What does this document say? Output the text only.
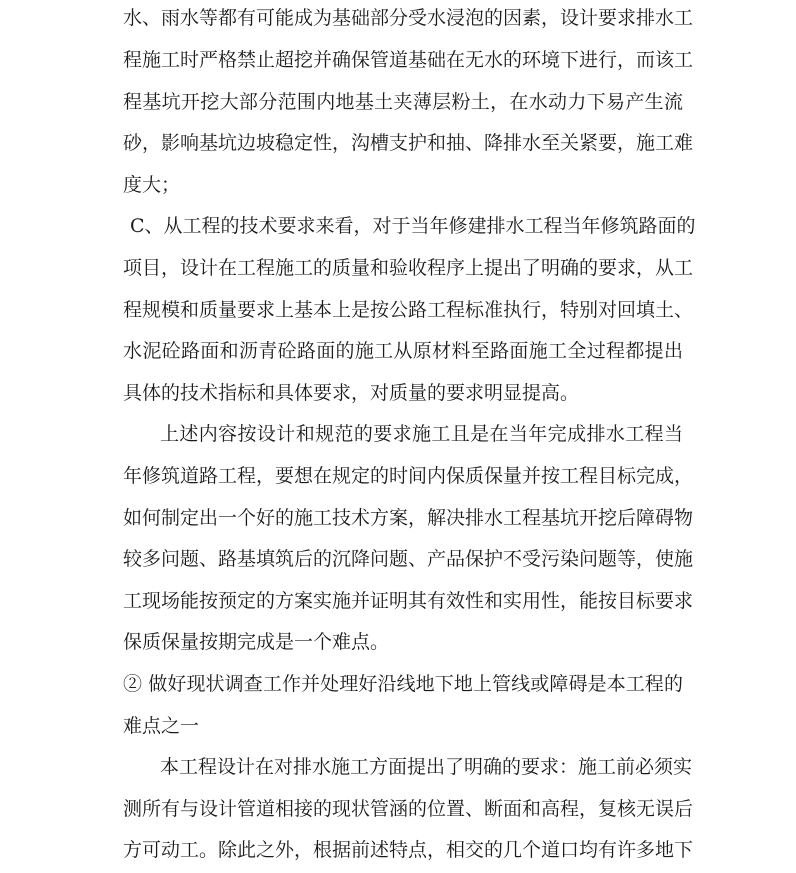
水、雨水等都有可能成为基础部分受水浸泡的因素，设计要求排水工
程施工时严格禁止超挖并确保管道基础在无水的环境下进行，而该工
程基坑开挖大部分范围内地基土夹薄层粉土，在水动力下易产生流
砂，影响基坑边坡稳定性，沟槽支护和抽、降排水至关紧要，施工难
度大；
C、从工程的技术要求来看，对于当年修建排水工程当年修筑路面的
项目，设计在工程施工的质量和验收程序上提出了明确的要求，从工
程规模和质量要求上基本上是按公路工程标准执行，特别对回填土、
水泥砼路面和沥青砼路面的施工从原材料至路面施工全过程都提出
具体的技术指标和具体要求，对质量的要求明显提高。
上述内容按设计和规范的要求施工且是在当年完成排水工程当
年修筑道路工程，要想在规定的时间内保质保量并按工程目标完成，
如何制定出一个好的施工技术方案，解决排水工程基坑开挖后障碍物
较多问题、路基填筑后的沉降问题、产品保护不受污染问题等，使施
工现场能按预定的方案实施并证明其有效性和实用性，能按目标要求
保质保量按期完成是一个难点。
② 做好现状调查工作并处理好沿线地下地上管线或障碍是本工程的
难点之一
本工程设计在对排水施工方面提出了明确的要求：施工前必须实
测所有与设计管道相接的现状管涵的位置、断面和高程，复核无误后
方可动工。除此之外，根据前述特点，相交的几个道口均有许多地下
